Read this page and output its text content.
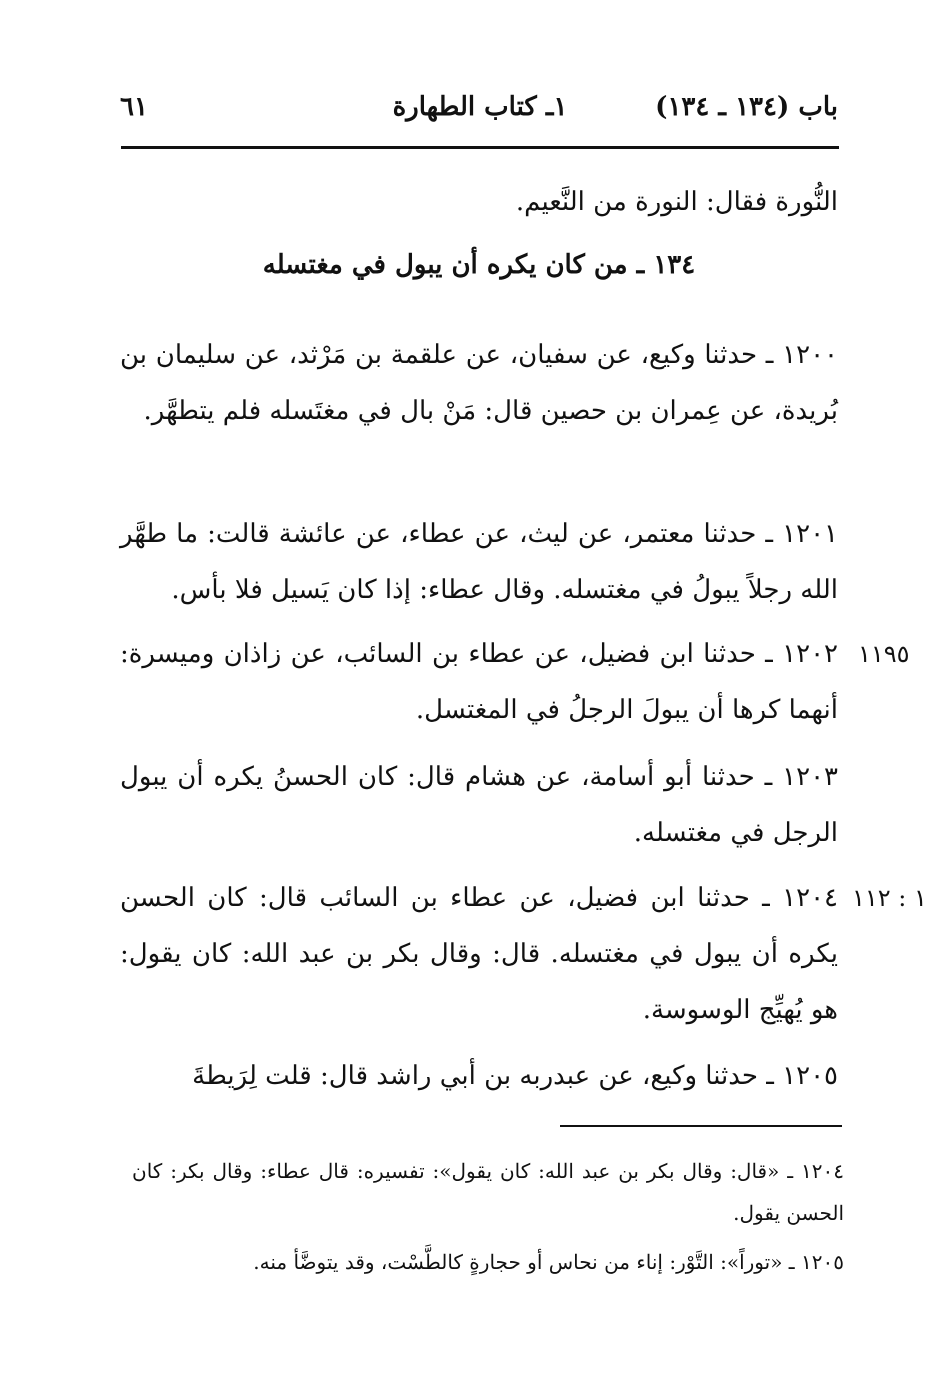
باب (١٣٤ ـ ١٣٤)
١ـ كتاب الطهارة
٦١
النُّورة فقال: النورة من النَّعيم.
١٣٤ ـ من كان يكره أن يبول في مغتسله
١٢٠٠ ـ حدثنا وكيع، عن سفيان، عن علقمة بن مَرْثد، عن سليمان بن بُريدة، عن عِمران بن حصين قال: مَنْ بال في مغتَسله فلم يتطهَّر.
١٢٠١ ـ حدثنا معتمر، عن ليث، عن عطاء، عن عائشة قالت: ما طهَّر الله رجلاً يبولُ في مغتسله. وقال عطاء: إذا كان يَسيل فلا بأس.
١٢٠٢ ـ حدثنا ابن فضيل، عن عطاء بن السائب، عن زاذان وميسرة: أنهما كرها أن يبولَ الرجلُ في المغتسل.
١١٩٥
١٢٠٣ ـ حدثنا أبو أسامة، عن هشام قال: كان الحسنُ يكره أن يبول الرجل في مغتسله.
١٢٠٤ ـ حدثنا ابن فضيل، عن عطاء بن السائب قال: كان الحسن يكره أن يبول في مغتسله. قال: وقال بكر بن عبد الله: كان يقول: هو يُهيِّج الوسوسة.
١ : ١١٢
١٢٠٥ ـ حدثنا وكيع، عن عبدربه بن أبي راشد قال: قلت لِرَيطةَ
١٢٠٤ ـ «قال: وقال بكر بن عبد الله: كان يقول»: تفسيره: قال عطاء: وقال بكر: كان الحسن يقول.
١٢٠٥ ـ «توراً»: التَّوْر: إناء من نحاس أو حجارةٍ كالطَّسْت، وقد يتوضَّأ منه.
